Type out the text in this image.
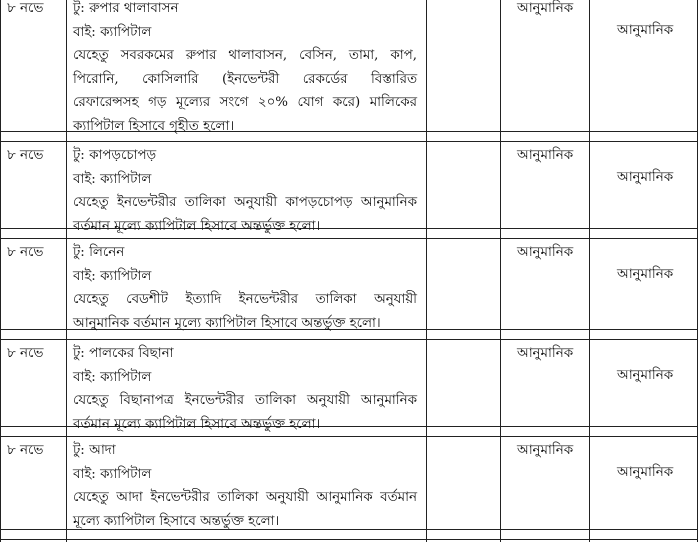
৮ নভে টু: রুপার থালাবাসন
বাই: ক্যাপিটাল
যেহেতু সবরকমের রুপার থালাবাসন, বেসিন, তামা, কাপ,
পিরোনি, কোসিলারি (ইনভেন্টরী রেকর্ডের বিস্তারিত
রেফারেন্সসহ গড় মূল্যের সংগে ২০% যোগ করে) মালিকের
ক্যাপিটাল হিসাবে গৃহীত হলো।
আনুমানিক
আনুমানিক
৮ নভে টু: কাপড়চোপড়
বাই: ক্যাপিটাল
যেহেতু ইনভেন্টরীর তালিকা অনুযায়ী কাপড়চোপড় আনুমানিক
বর্তমান মূল্যে ক্যাপিটাল হিসাবে অন্তর্ভুক্ত হলো।
আনুমানিক
আনুমানিক
৮ নভে টু: লিনেন
বাই: ক্যাপিটাল
যেহেতু বেডশীট ইত্যাদি ইনভেন্টরীর তালিকা অনুযায়ী
আনুমানিক বর্তমান মূল্যে ক্যাপিটাল হিসাবে অন্তর্ভুক্ত হলো।
আনুমানিক
আনুমানিক
৮ নভে টু: পালকের বিছানা
বাই: ক্যাপিটাল
যেহেতু বিছানাপত্র ইনভেন্টরীর তালিকা অনুযায়ী আনুমানিক
বর্তমান মূল্যে ক্যাপিটাল হিসাবে অন্তর্ভুক্ত হলো।
আনুমানিক
আনুমানিক
৮ নভে টু: আদা
বাই: ক্যাপিটাল
যেহেতু আদা ইনভেন্টরীর তালিকা অনুযায়ী আনুমানিক বর্তমান
মূল্যে ক্যাপিটাল হিসাবে অন্তর্ভুক্ত হলো।
আনুমানিক
আনুমানিক
